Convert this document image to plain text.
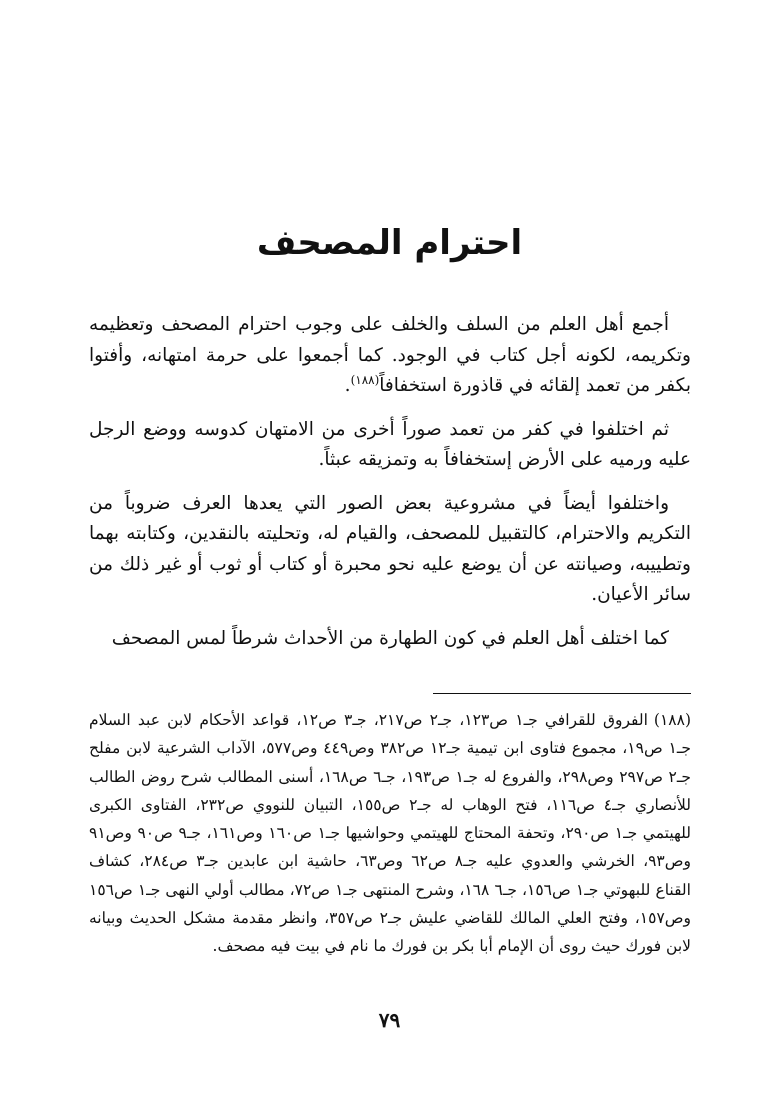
احترام المصحف

أجمع أهل العلم من السلف والخلف على وجوب احترام المصحف وتعظيمه وتكريمه، لكونه أجل كتاب في الوجود. كما أجمعوا على حرمة امتهانه، وأفتوا بكفر من تعمد إلقائه في قاذورة استخفافاً$^{(١٨٨)}$.

ثم اختلفوا في كفر من تعمد صوراً أخرى من الامتهان كدوسه ووضع الرجل عليه ورميه على الأرض إستخفافاً به وتمزيقه عبثاً.

واختلفوا أيضاً في مشروعية بعض الصور التي يعدها العرف ضروباً من التكريم والاحترام، كالتقبيل للمصحف، والقيام له، وتحليته بالنقدين، وكتابته بهما وتطييبه، وصيانته عن أن يوضع عليه نحو محبرة أو كتاب أو ثوب أو غير ذلك من سائر الأعيان.

كما اختلف أهل العلم في كون الطهارة من الأحداث شرطاً لمس المصحف

(١٨٨)الفروق للقرافي جـ١ ص١٢٣، جـ٢ ص٢١٧، جـ٣ ص١٢، قواعد الأحكام لابن عبد السلام جـ١ ص١٩، مجموع فتاوى ابن تيمية جـ١٢ ص٣٨٢ وص٤٤٩ وص٥٧٧، الآداب الشرعية لابن مفلح جـ٢ ص٢٩٧ وص٢٩٨، والفروع له جـ١ ص١٩٣، جـ٦ ص١٦٨، أسنى المطالب شرح روض الطالب للأنصاري جـ٤ ص١١٦، فتح الوهاب له جـ٢ ص١٥٥، التبيان للنووي ص٢٣٢، الفتاوى الكبرى للهيتمي جـ١ ص٢٩٠، وتحفة المحتاج للهيتمي وحواشيها جـ١ ص١٦٠ وص١٦١، جـ٩ ص٩٠ وص٩١ وص٩٣، الخرشي والعدوي عليه جـ٨ ص٦٢ وص٦٣، حاشية ابن عابدين جـ٣ ص٢٨٤، كشاف القناع للبهوتي جـ١ ص١٥٦، جـ٦ ١٦٨، وشرح المنتهى جـ١ ص٧٢، مطالب أولي النهى جـ١ ص١٥٦ وص١٥٧، وفتح العلي المالك للقاضي عليش جـ٢ ص٣٥٧، وانظر مقدمة مشكل الحديث وبيانه لابن فورك حيث روى أن الإمام أبا بكر بن فورك ما نام في بيت فيه مصحف.

٧٩
